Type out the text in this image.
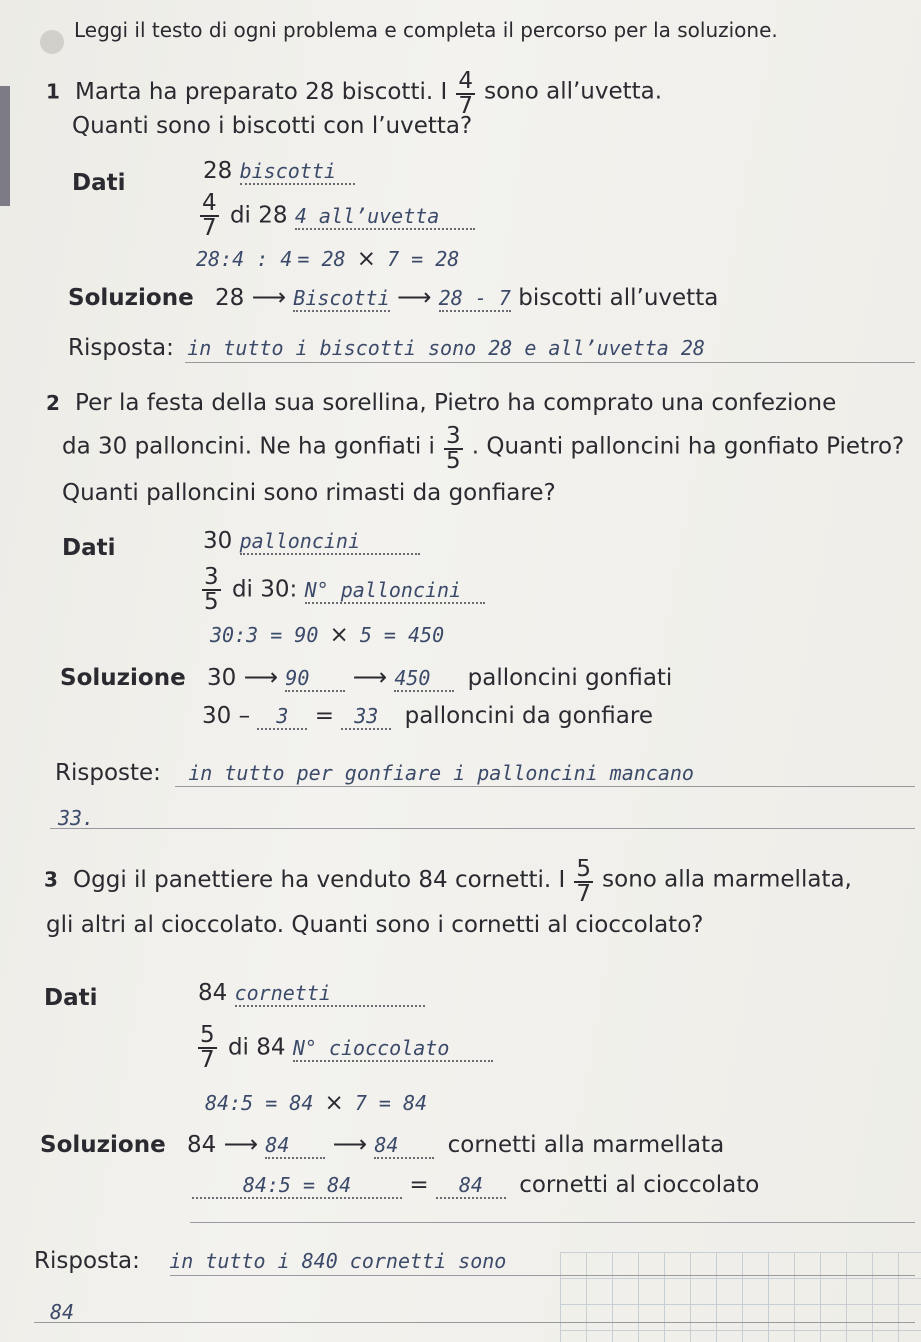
Leggi il testo di ogni problema e completa il percorso per la soluzione.
1 Marta ha preparato 28 biscotti. I $\frac{4}{7}$ sono all’uvetta.
Quanti sono i biscotti con l’uvetta?
Dati	28 biscotti
$\frac{4}{7}$ di 28 4 all’uvetta
28:4 : 4 = 28 × 7 = 28
Soluzione 28 ⟶ Biscotti ⟶ 28 - 7 biscotti all’uvetta
Risposta: in tutto i biscotti sono 28 e all’uvetta 28
2 Per la festa della sua sorellina, Pietro ha comprato una confezione
da 30 palloncini. Ne ha gonfiati i $\frac{3}{5}$ . Quanti palloncini ha gonfiato Pietro?
Quanti palloncini sono rimasti da gonfiare?
Dati	30 palloncini
$\frac{3}{5}$ di 30: N° palloncini
30:3 = 90 × 5 = 450
Soluzione 30 ⟶ 90 ⟶ 450 palloncini gonfiati
30 – 3 = 33 palloncini da gonfiare
Risposte: in tutto per gonfiare i palloncini mancano
33.
3 Oggi il panettiere ha venduto 84 cornetti. I $\frac{5}{7}$ sono alla marmellata,
gli altri al cioccolato. Quanti sono i cornetti al cioccolato?
Dati	84 cornetti
$\frac{5}{7}$ di 84 N° cioccolato
84:5 = 84 × 7 = 84
Soluzione 84 ⟶ 84 ⟶ 84 cornetti alla marmellata
84:5 = 84	= 84 cornetti al cioccolato
Risposta: in tutto i 840 cornetti sono
84
